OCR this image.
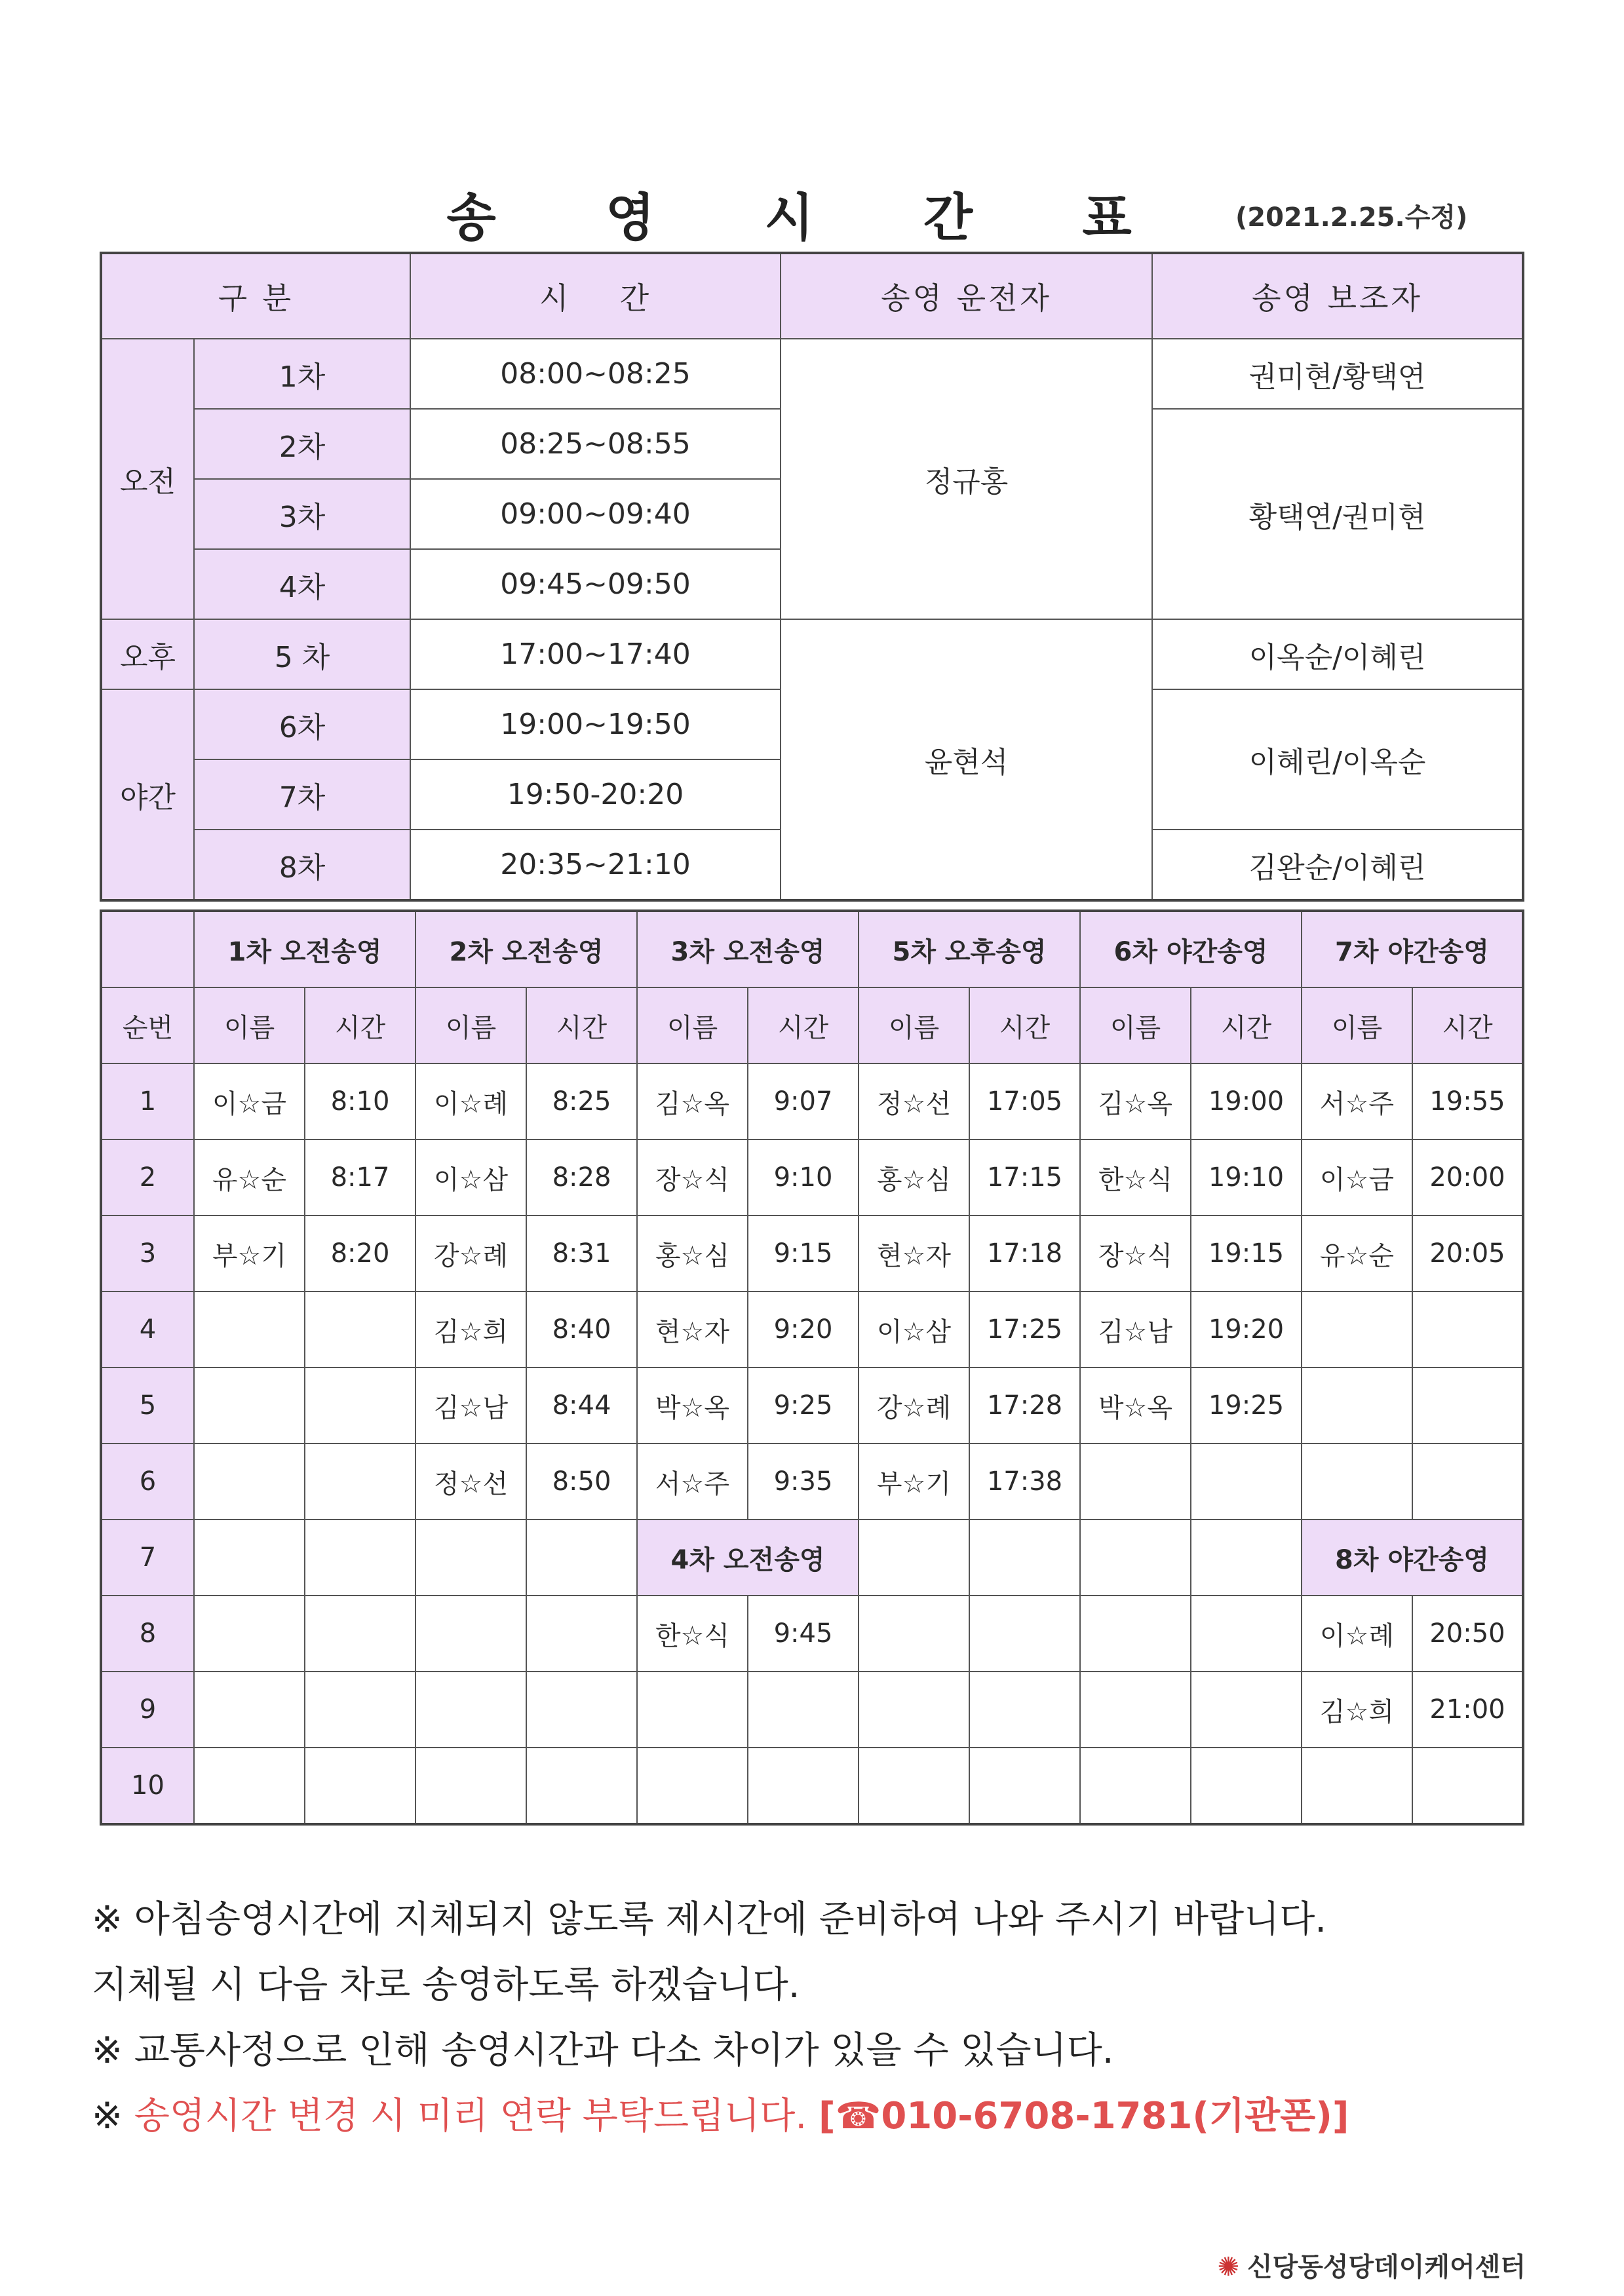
송 영 시 간 표	(2021.2.25.수정)
구 분		시    간	송영 운전자	송영 보조자
오전	1차	08:00~08:25	정규홍	권미현/황택연
	2차	08:25~08:55		황택연/권미현
	3차	09:00~09:40		
	4차	09:45~09:50		
오후	5 차	17:00~17:40	윤현석	이옥순/이혜린
야간	6차	19:00~19:50		이혜린/이옥순
	7차	19:50-20:20		
	8차	20:35~21:10		김완순/이혜린
	1차 오전송영		2차 오전송영		3차 오전송영		5차 오후송영		6차 야간송영		7차 야간송영	
순번	이름	시간	이름	시간	이름	시간	이름	시간	이름	시간	이름	시간
1	이☆금	8:10	이☆례	8:25	김☆옥	9:07	정☆선	17:05	김☆옥	19:00	서☆주	19:55
2	유☆순	8:17	이☆삼	8:28	장☆식	9:10	홍☆심	17:15	한☆식	19:10	이☆금	20:00
3	부☆기	8:20	강☆례	8:31	홍☆심	9:15	현☆자	17:18	장☆식	19:15	유☆순	20:05
4			김☆희	8:40	현☆자	9:20	이☆삼	17:25	김☆남	19:20		
5			김☆남	8:44	박☆옥	9:25	강☆례	17:28	박☆옥	19:25		
6			정☆선	8:50	서☆주	9:35	부☆기	17:38				
7					4차 오전송영						8차 야간송영	
8					한☆식	9:45					이☆례	20:50
9											김☆희	21:00
10												
※ 아침송영시간에 지체되지 않도록 제시간에 준비하여 나와 주시기 바랍니다.
지체될 시 다음 차로 송영하도록 하겠습니다.
※ 교통사정으로 인해 송영시간과 다소 차이가 있을 수 있습니다.
※ 송영시간 변경 시 미리 연락 부탁드립니다. [☎010-6708-1781(기관폰)]
✺ 신당동성당데이케어센터
